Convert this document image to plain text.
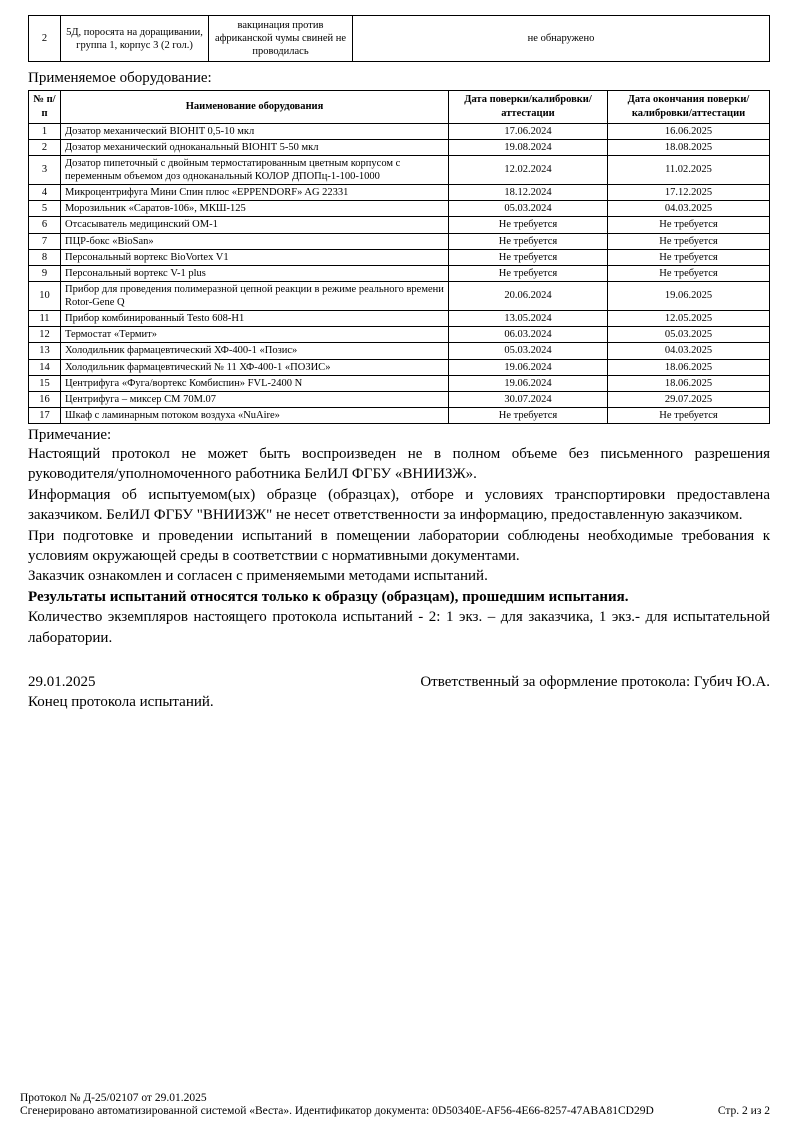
2	5Д, поросята на доращивании, группа 1, корпус 3 (2 гол.)	вакцинация против африканской чумы свиней не проводилась	не обнаружено
Применяемое оборудование:
№ п/п	Наименование оборудования	Дата поверки/калибровки/аттестации	Дата окончания поверки/калибровки/аттестации
1	Дозатор механический BIOHIT 0,5-10 мкл	17.06.2024	16.06.2025
2	Дозатор механический одноканальный BIOHIT 5-50 мкл	19.08.2024	18.08.2025
3	Дозатор пипеточный с двойным термостатированным цветным корпусом с переменным объемом доз одноканальный КОЛОР ДПОПц-1-100-1000	12.02.2024	11.02.2025
4	Микроцентрифуга Мини Спин плюс «EPPENDORF» AG 22331	18.12.2024	17.12.2025
5	Морозильник «Саратов-106», МКШ-125	05.03.2024	04.03.2025
6	Отсасыватель медицинский ОМ-1	Не требуется	Не требуется
7	ПЦР-бокс «BioSan»	Не требуется	Не требуется
8	Персональный вортекс BioVortex V1	Не требуется	Не требуется
9	Персональный вортекс V-1 plus	Не требуется	Не требуется
10	Прибор для проведения полимеразной цепной реакции в режиме реального времени Rotor-Gene Q	20.06.2024	19.06.2025
11	Прибор комбинированный Testo 608-H1	13.05.2024	12.05.2025
12	Термостат «Термит»	06.03.2024	05.03.2025
13	Холодильник фармацевтический ХФ-400-1 «Позис»	05.03.2024	04.03.2025
14	Холодильник фармацевтический № 11 ХФ-400-1 «ПОЗИС»	19.06.2024	18.06.2025
15	Центрифуга «Фуга/вортекс Комбиспин» FVL-2400 N	19.06.2024	18.06.2025
16	Центрифуга – миксер СМ 70М.07	30.07.2024	29.07.2025
17	Шкаф с ламинарным потоком воздуха «NuAire»	Не требуется	Не требуется
Примечание:

Настоящий протокол не может быть воспроизведен не в полном объеме без письменного разрешения руководителя/уполномоченного работника БелИЛ ФГБУ «ВНИИЗЖ».

Информация об испытуемом(ых) образце (образцах), отборе и условиях транспортировки предоставлена заказчиком. БелИЛ ФГБУ "ВНИИЗЖ" не несет ответственности за информацию, предоставленную заказчиком.

При подготовке и проведении испытаний в помещении лаборатории соблюдены необходимые требования к условиям окружающей среды в соответствии с нормативными документами.

Заказчик ознакомлен и согласен с применяемыми методами испытаний.

Результаты испытаний относятся только к образцу (образцам), прошедшим испытания.

Количество экземпляров настоящего протокола испытаний - 2: 1 экз. – для заказчика, 1 экз.- для испытательной лаборатории.

29.01.2025	Ответственный за оформление протокола: Губич Ю.А.
Конец протокола испытаний.
Протокол № Д-25/02107 от 29.01.2025
Сгенерировано автоматизированной системой «Веста». Идентификатор документа: 0D50340E-AF56-4E66-8257-47ABA81CD29D	Стр. 2 из 2
